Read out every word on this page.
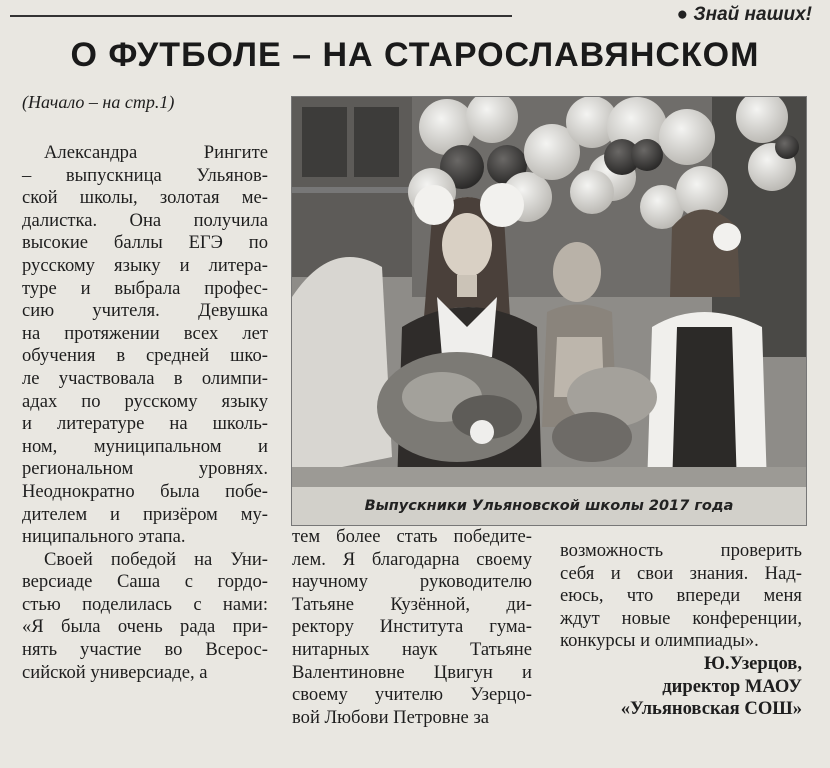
● Знай наших!
О ФУТБОЛЕ – НА СТАРОСЛАВЯНСКОМ
(Начало – на стр.1)
Александра Рингите
– выпускница Ульянов-
ской школы, золотая ме-
далистка. Она получила
высокие баллы ЕГЭ по
русскому языку и литера-
туре и выбрала профес-
сию учителя. Девушка
на протяжении всех лет
обучения в средней шко-
ле участвовала в олимпи-
адах по русскому языку
и литературе на школь-
ном, муниципальном и
региональном уровнях.
Неоднократно была побе-
дителем и призёром му-
ниципального этапа.
Своей победой на Уни-
версиаде Саша с гордо-
стью поделилась с нами:
«Я была очень рада при-
нять участие во Всерос-
сийской универсиаде, а
Выпускники Ульяновской школы 2017 года
тем более стать победите-
лем. Я благодарна своему
научному руководителю
Татьяне Кузённой, ди-
ректору Института гума-
нитарных наук Татьяне
Валентиновне Цвигун и
своему учителю Узерцо-
вой Любови Петровне за
возможность проверить
себя и свои знания. Над-
еюсь, что впереди меня
ждут новые конференции,
конкурсы и олимпиады».
Ю.Узерцов,
директор МАОУ
«Ульяновская СОШ»
